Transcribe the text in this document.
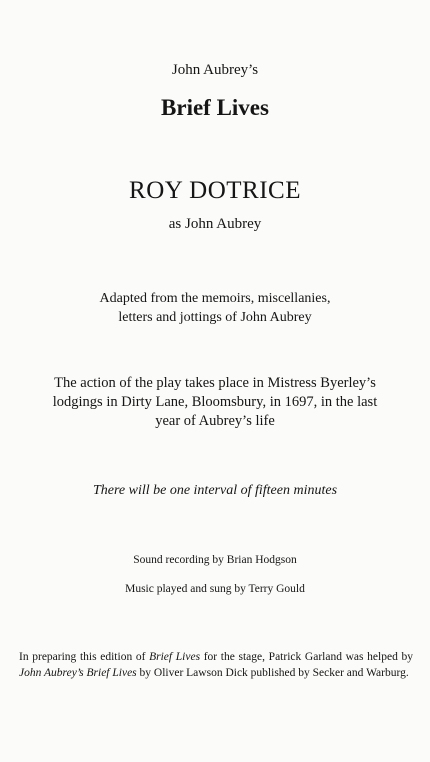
John Aubrey’s
Brief Lives
ROY DOTRICE
as John Aubrey
Adapted from the memoirs, miscellanies,
letters and jottings of John Aubrey
The action of the play takes place in Mistress Byerley’s
lodgings in Dirty Lane, Bloomsbury, in 1697, in the last
year of Aubrey’s life
There will be one interval of fifteen minutes
Sound recording by Brian Hodgson
Music played and sung by Terry Gould
In preparing this edition of Brief Lives for the stage, Patrick Garland was helped by John Aubrey’s Brief Lives by Oliver Lawson Dick published by Secker and Warburg.
